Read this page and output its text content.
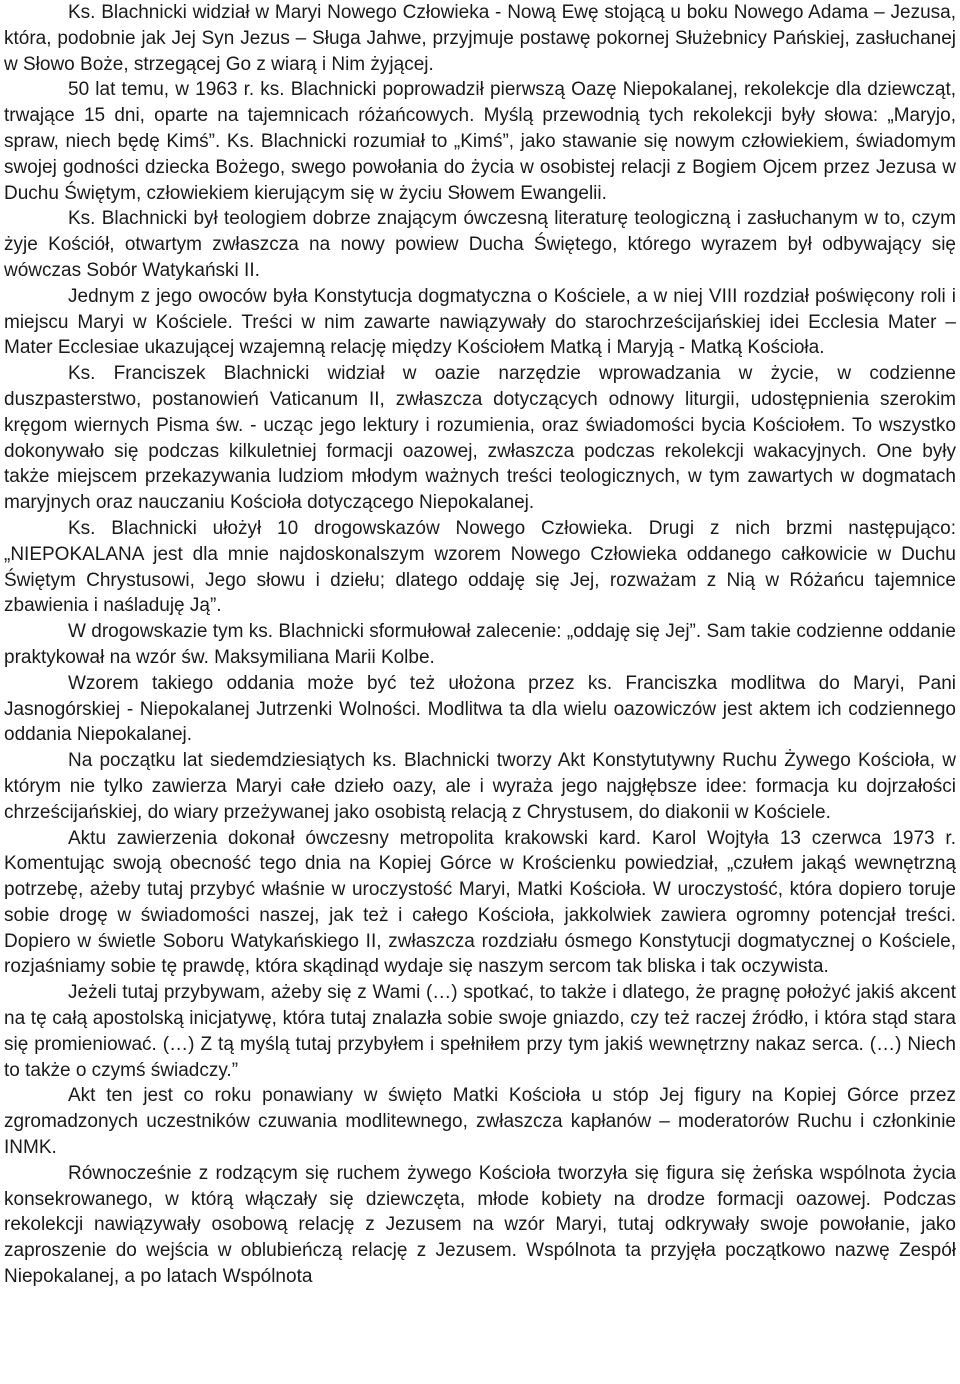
Ks. Blachnicki widział w Maryi Nowego Człowieka - Nową Ewę stojącą u boku Nowego Adama – Jezusa, która, podobnie jak Jej Syn Jezus – Sługa Jahwe, przyjmuje postawę pokornej Służebnicy Pańskiej, zasłuchanej w Słowo Boże, strzegącej Go z wiarą i Nim żyjącej.

50 lat temu, w 1963 r. ks. Blachnicki poprowadził pierwszą Oazę Niepokalanej, rekolekcje dla dziewcząt, trwające 15 dni, oparte na tajemnicach różańcowych. Myślą przewodnią tych rekolekcji były słowa: „Maryjo, spraw, niech będę Kimś”. Ks. Blachnicki rozumiał to „Kimś”, jako stawanie się nowym człowiekiem, świadomym swojej godności dziecka Bożego, swego powołania do życia w osobistej relacji z Bogiem Ojcem przez Jezusa w Duchu Świętym, człowiekiem kierującym się w życiu Słowem Ewangelii.

Ks. Blachnicki był teologiem dobrze znającym ówczesną literaturę teologiczną i zasłuchanym w to, czym żyje Kościół, otwartym zwłaszcza na nowy powiew Ducha Świętego, którego wyrazem był odbywający się wówczas Sobór Watykański II.

Jednym z jego owoców była Konstytucja dogmatyczna o Kościele, a w niej VIII rozdział poświęcony roli i miejscu Maryi w Kościele. Treści w nim zawarte nawiązywały do starochrześcijańskiej idei Ecclesia Mater – Mater Ecclesiae ukazującej wzajemną relację między Kościołem Matką i Maryją - Matką Kościoła.

Ks. Franciszek Blachnicki widział w oazie narzędzie wprowadzania w życie, w codzienne duszpasterstwo, postanowień Vaticanum II, zwłaszcza dotyczących odnowy liturgii, udostępnienia szerokim kręgom wiernych Pisma św. - ucząc jego lektury i rozumienia, oraz świadomości bycia Kościołem. To wszystko dokonywało się podczas kilkuletniej formacji oazowej, zwłaszcza podczas rekolekcji wakacyjnych. One były także miejscem przekazywania ludziom młodym ważnych treści teologicznych, w tym zawartych w dogmatach maryjnych oraz nauczaniu Kościoła dotyczącego Niepokalanej.

Ks. Blachnicki ułożył 10 drogowskazów Nowego Człowieka. Drugi z nich brzmi następująco: „NIEPOKALANA jest dla mnie najdoskonalszym wzorem Nowego Człowieka oddanego całkowicie w Duchu Świętym Chrystusowi, Jego słowu i dziełu; dlatego oddaję się Jej, rozważam z Nią w Różańcu tajemnice zbawienia i naśladuję Ją”.

W drogowskazie tym ks. Blachnicki sformułował zalecenie: „oddaję się Jej”. Sam takie codzienne oddanie praktykował na wzór św. Maksymiliana Marii Kolbe.

Wzorem takiego oddania może być też ułożona przez ks. Franciszka modlitwa do Maryi, Pani Jasnogórskiej - Niepokalanej Jutrzenki Wolności. Modlitwa ta dla wielu oazowiczów jest aktem ich codziennego oddania Niepokalanej.

Na początku lat siedemdziesiątych ks. Blachnicki tworzy Akt Konstytutywny Ruchu Żywego Kościoła, w którym nie tylko zawierza Maryi całe dzieło oazy, ale i wyraża jego najgłębsze idee: formacja ku dojrzałości chrześcijańskiej, do wiary przeżywanej jako osobistą relacją z Chrystusem, do diakonii w Kościele.

Aktu zawierzenia dokonał ówczesny metropolita krakowski kard. Karol Wojtyła 13 czerwca 1973 r. Komentując swoją obecność tego dnia na Kopiej Górce w Krościenku powiedział, „czułem jakąś wewnętrzną potrzebę, ażeby tutaj przybyć właśnie w uroczystość Maryi, Matki Kościoła. W uroczystość, która dopiero toruje sobie drogę w świadomości naszej, jak też i całego Kościoła, jakkolwiek zawiera ogromny potencjał treści. Dopiero w świetle Soboru Watykańskiego II, zwłaszcza rozdziału ósmego Konstytucji dogmatycznej o Kościele, rozjaśniamy sobie tę prawdę, która skądinąd wydaje się naszym sercom tak bliska i tak oczywista.

Jeżeli tutaj przybywam, ażeby się z Wami (…) spotkać, to także i dlatego, że pragnę położyć jakiś akcent na tę całą apostolską inicjatywę, która tutaj znalazła sobie swoje gniazdo, czy też raczej źródło, i która stąd stara się promieniować. (…) Z tą myślą tutaj przybyłem i spełniłem przy tym jakiś wewnętrzny nakaz serca. (…) Niech to także o czymś świadczy.”

Akt ten jest co roku ponawiany w święto Matki Kościoła u stóp Jej figury na Kopiej Górce przez zgromadzonych uczestników czuwania modlitewnego, zwłaszcza kapłanów – moderatorów Ruchu i członkinie INMK.

Równocześnie z rodzącym się ruchem żywego Kościoła tworzyła się figura się żeńska wspólnota życia konsekrowanego, w którą włączały się dziewczęta, młode kobiety na drodze formacji oazowej. Podczas rekolekcji nawiązywały osobową relację z Jezusem na wzór Maryi, tutaj odkrywały swoje powołanie, jako zaproszenie do wejścia w oblubieńczą relację z Jezusem. Wspólnota ta przyjęła początkowo nazwę Zespół Niepokalanej, a po latach Wspólnota
